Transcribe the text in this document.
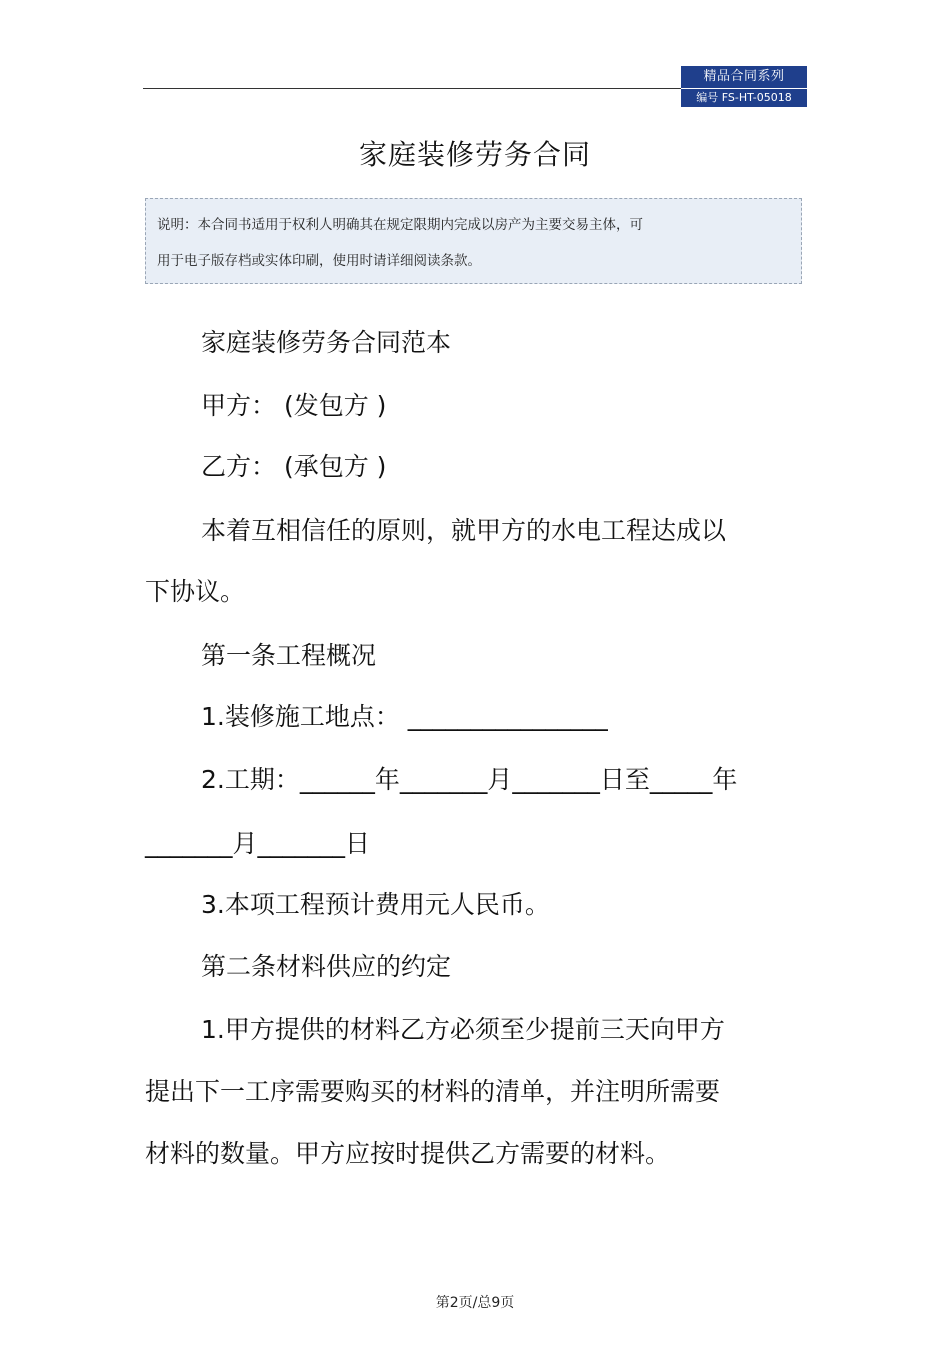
精品合同系列
编号 FS-HT-05018
家庭装修劳务合同
说明：本合同书适用于权利人明确其在规定限期内完成以房产为主要交易主体，可
用于电子版存档或实体印刷，使用时请详细阅读条款。
家庭装修劳务合同范本
甲方： (发包方 )
乙方： (承包方 )
本着互相信任的原则，就甲方的水电工程达成以
下协议。
第一条工程概况
1.装修施工地点： ________________
2.工期：______年_______月_______日至_____年
_______月_______日
3.本项工程预计费用元人民币。
第二条材料供应的约定
1.甲方提供的材料乙方必须至少提前三天向甲方
提出下一工序需要购买的材料的清单，并注明所需要
材料的数量。甲方应按时提供乙方需要的材料。
第2页/总9页
